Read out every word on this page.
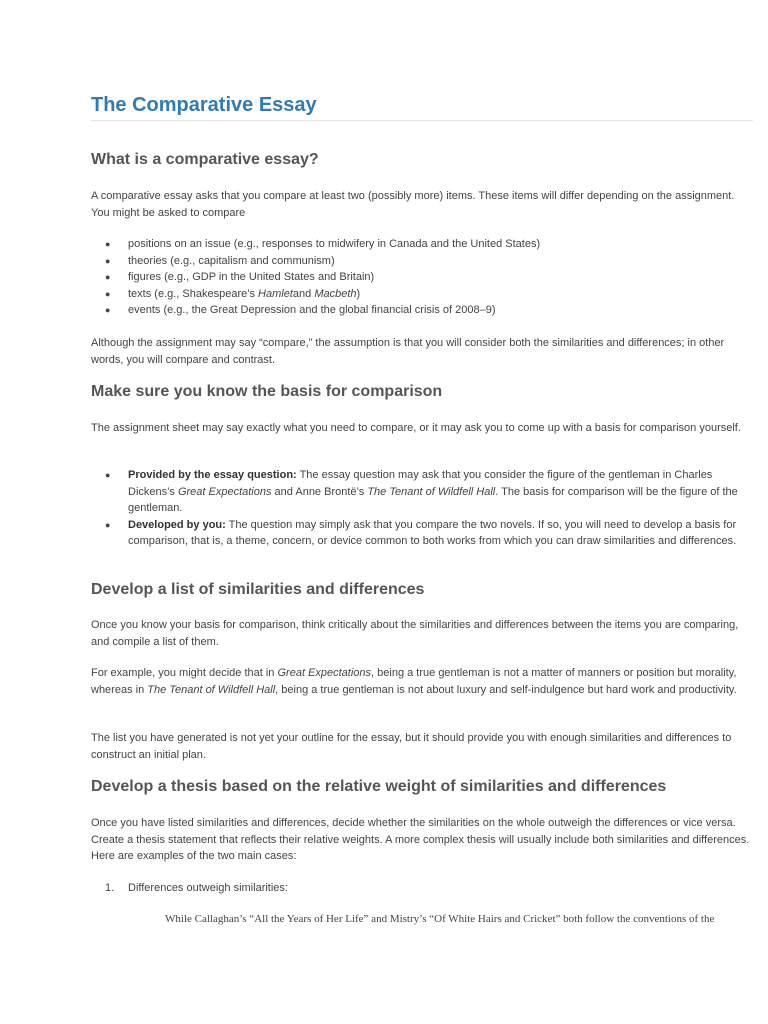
The Comparative Essay
What is a comparative essay?

A comparative essay asks that you compare at least two (possibly more) items. These items will differ depending on the assignment. You might be asked to compare

● positions on an issue (e.g., responses to midwifery in Canada and the United States)
● theories (e.g., capitalism and communism)
● figures (e.g., GDP in the United States and Britain)
● texts (e.g., Shakespeare’s Hamletand Macbeth)
● events (e.g., the Great Depression and the global financial crisis of 2008–9)

Although the assignment may say “compare,” the assumption is that you will consider both the similarities and differences; in other words, you will compare and contrast.

Make sure you know the basis for comparison

The assignment sheet may say exactly what you need to compare, or it may ask you to come up with a basis for comparison yourself.

● Provided by the essay question: The essay question may ask that you consider the figure of the gentleman in Charles Dickens’s Great Expectations and Anne Brontë’s The Tenant of Wildfell Hall. The basis for comparison will be the figure of the gentleman.
● Developed by you: The question may simply ask that you compare the two novels. If so, you will need to develop a basis for comparison, that is, a theme, concern, or device common to both works from which you can draw similarities and differences.
Develop a list of similarities and differences

Once you know your basis for comparison, think critically about the similarities and differences between the items you are comparing, and compile a list of them.

For example, you might decide that in Great Expectations, being a true gentleman is not a matter of manners or position but morality, whereas in The Tenant of Wildfell Hall, being a true gentleman is not about luxury and self-indulgence but hard work and productivity.

The list you have generated is not yet your outline for the essay, but it should provide you with enough similarities and differences to construct an initial plan.

Develop a thesis based on the relative weight of similarities and differences

Once you have listed similarities and differences, decide whether the similarities on the whole outweigh the differences or vice versa. Create a thesis statement that reflects their relative weights. A more complex thesis will usually include both similarities and differences. Here are examples of the two main cases:

1. Differences outweigh similarities:

While Callaghan’s “All the Years of Her Life” and Mistry’s “Of White Hairs and Cricket” both follow the conventions of the
